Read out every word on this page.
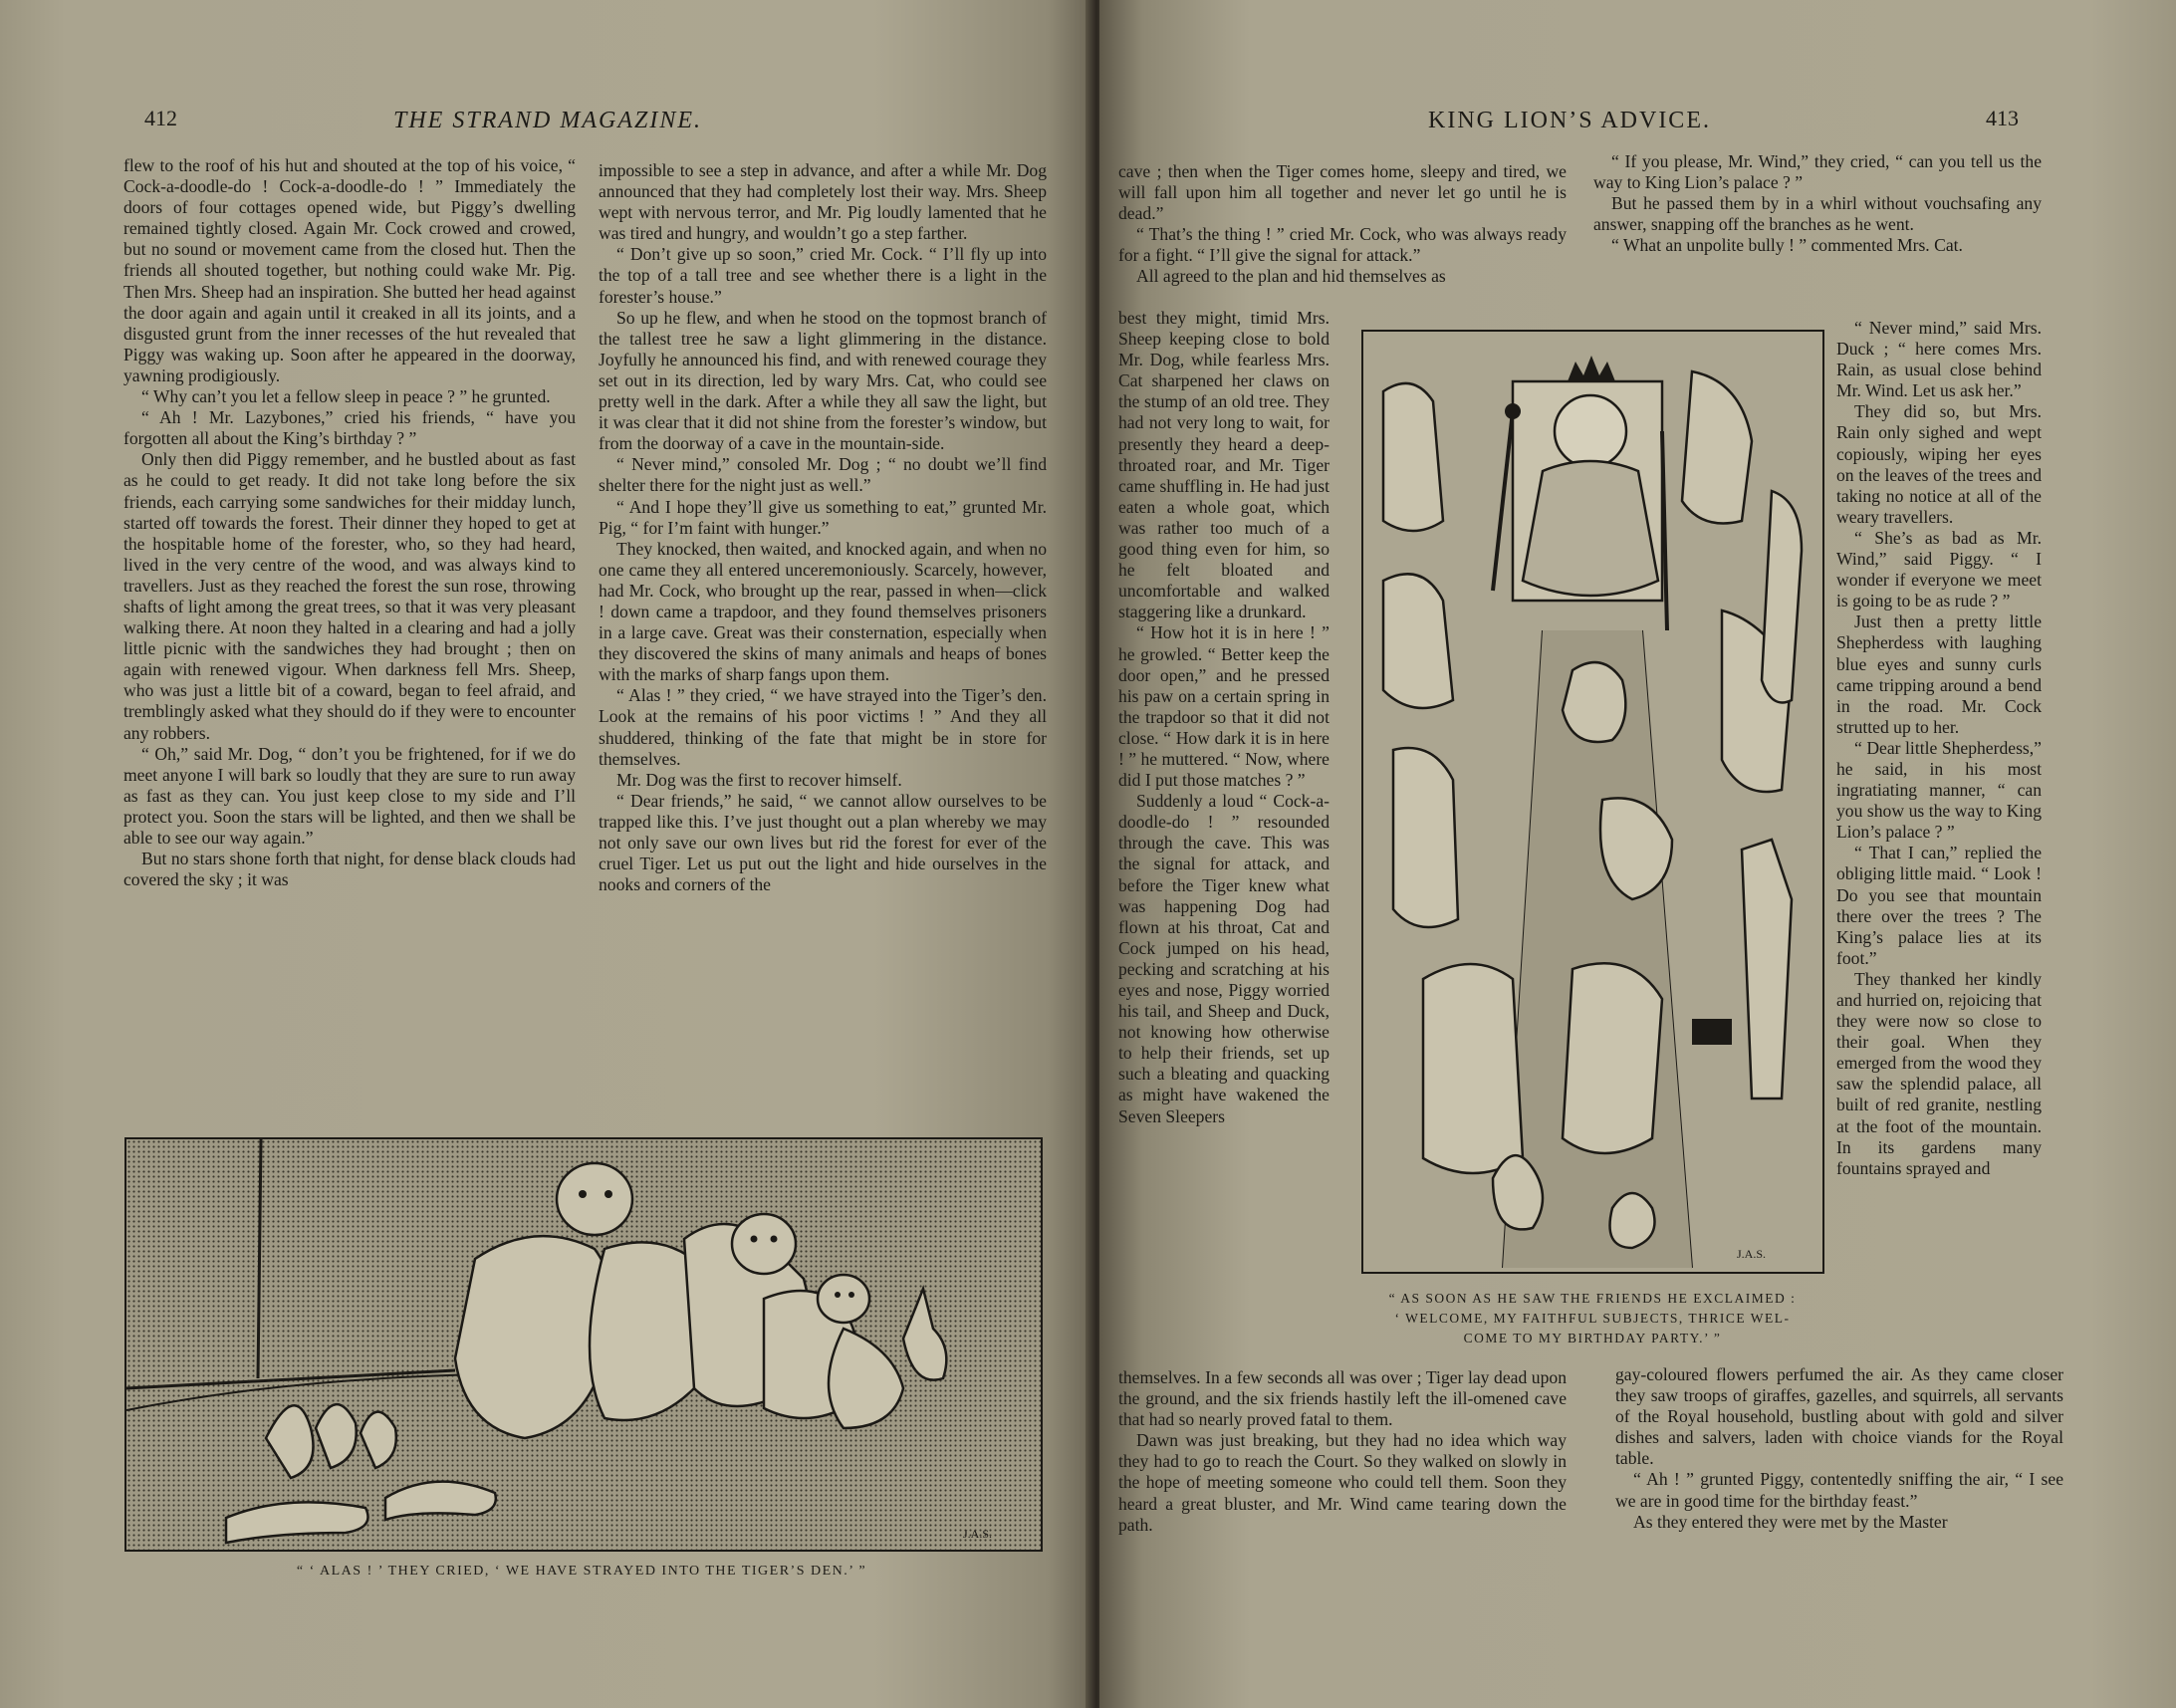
412	THE STRAND MAGAZINE.

flew to the roof of his hut and shouted at the top of his voice, “ Cock-a-doodle-do ! Cock-a-doodle-do ! ” Immediately the doors of four cottages opened wide, but Piggy’s dwelling remained tightly closed. Again Mr. Cock crowed and crowed, but no sound or movement came from the closed hut. Then the friends all shouted together, but nothing could wake Mr. Pig. Then Mrs. Sheep had an inspiration. She butted her head against the door again and again until it creaked in all its joints, and a disgusted grunt from the inner recesses of the hut revealed that Piggy was waking up. Soon after he appeared in the doorway, yawning prodigiously.

“ Why can’t you let a fellow sleep in peace ? ” he grunted.

“ Ah ! Mr. Lazybones,” cried his friends, “ have you forgotten all about the King’s birthday ? ”

Only then did Piggy remember, and he bustled about as fast as he could to get ready. It did not take long before the six friends, each carrying some sandwiches for their midday lunch, started off towards the forest. Their dinner they hoped to get at the hospitable home of the forester, who, so they had heard, lived in the very centre of the wood, and was always kind to travellers. Just as they reached the forest the sun rose, throwing shafts of light among the great trees, so that it was very pleasant walking there. At noon they halted in a clearing and had a jolly little picnic with the sandwiches they had brought ; then on again with renewed vigour. When darkness fell Mrs. Sheep, who was just a little bit of a coward, began to feel afraid, and tremblingly asked what they should do if they were to encounter any robbers.

“ Oh,” said Mr. Dog, “ don’t you be frightened, for if we do meet anyone I will bark so loudly that they are sure to run away as fast as they can. You just keep close to my side and I’ll protect you. Soon the stars will be lighted, and then we shall be able to see our way again.”

But no stars shone forth that night, for dense black clouds had covered the sky ; it was

impossible to see a step in advance, and after a while Mr. Dog announced that they had completely lost their way. Mrs. Sheep wept with nervous terror, and Mr. Pig loudly lamented that he was tired and hungry, and wouldn’t go a step farther.

“ Don’t give up so soon,” cried Mr. Cock. “ I’ll fly up into the top of a tall tree and see whether there is a light in the forester’s house.”

So up he flew, and when he stood on the topmost branch of the tallest tree he saw a light glimmering in the distance. Joyfully he announced his find, and with renewed courage they set out in its direction, led by wary Mrs. Cat, who could see pretty well in the dark. After a while they all saw the light, but it was clear that it did not shine from the forester’s window, but from the doorway of a cave in the mountain-side.

“ Never mind,” consoled Mr. Dog ; “ no doubt we’ll find shelter there for the night just as well.”

“ And I hope they’ll give us something to eat,” grunted Mr. Pig, “ for I’m faint with hunger.”

They knocked, then waited, and knocked again, and when no one came they all entered unceremoniously. Scarcely, however, had Mr. Cock, who brought up the rear, passed in when—click ! down came a trapdoor, and they found themselves prisoners in a large cave. Great was their consternation, especially when they discovered the skins of many animals and heaps of bones with the marks of sharp fangs upon them.

“ Alas ! ” they cried, “ we have strayed into the Tiger’s den. Look at the remains of his poor victims ! ” And they all shuddered, thinking of the fate that might be in store for themselves.

Mr. Dog was the first to recover himself.

“ Dear friends,” he said, “ we cannot allow ourselves to be trapped like this. I’ve just thought out a plan whereby we may not only save our own lives but rid the forest for ever of the cruel Tiger. Let us put out the light and hide ourselves in the nooks and corners of the

J.A.S.
“ ‘ ALAS ! ’ THEY CRIED, ‘ WE HAVE STRAYED INTO THE TIGER’S DEN.’ ”
KING LION’S ADVICE.	413

cave ; then when the Tiger comes home, sleepy and tired, we will fall upon him all together and never let go until he is dead.”

“ That’s the thing ! ” cried Mr. Cock, who was always ready for a fight. “ I’ll give the signal for attack.”

All agreed to the plan and hid themselves as

best they might, timid Mrs. Sheep keeping close to bold Mr. Dog, while fearless Mrs. Cat sharpened her claws on the stump of an old tree. They had not very long to wait, for presently they heard a deep-throated roar, and Mr. Tiger came shuffling in. He had just eaten a whole goat, which was rather too much of a good thing even for him, so he felt bloated and uncomfortable and walked staggering like a drunkard.

“ How hot it is in here ! ” he growled. “ Better keep the door open,” and he pressed his paw on a certain spring in the trapdoor so that it did not close. “ How dark it is in here ! ” he muttered. “ Now, where did I put those matches ? ”

Suddenly a loud “ Cock-a-doodle-do ! ” resounded through the cave. This was the signal for attack, and before the Tiger knew what was happening Dog had flown at his throat, Cat and Cock jumped on his head, pecking and scratching at his eyes and nose, Piggy worried his tail, and Sheep and Duck, not knowing how otherwise to help their friends, set up such a bleating and quacking as might have wakened the Seven Sleepers

themselves. In a few seconds all was over ; Tiger lay dead upon the ground, and the six friends hastily left the ill-omened cave that had so nearly proved fatal to them.

Dawn was just breaking, but they had no idea which way they had to go to reach the Court. So they walked on slowly in the hope of meeting someone who could tell them. Soon they heard a great bluster, and Mr. Wind came tearing down the path.

“ If you please, Mr. Wind,” they cried, “ can you tell us the way to King Lion’s palace ? ”

But he passed them by in a whirl without vouchsafing any answer, snapping off the branches as he went.

“ What an unpolite bully ! ” commented Mrs. Cat.

“ Never mind,” said Mrs. Duck ; “ here comes Mrs. Rain, as usual close behind Mr. Wind. Let us ask her.”

They did so, but Mrs. Rain only sighed and wept copiously, wiping her eyes on the leaves of the trees and taking no notice at all of the weary travellers.

“ She’s as bad as Mr. Wind,” said Piggy. “ I wonder if everyone we meet is going to be as rude ? ”

Just then a pretty little Shepherdess with laughing blue eyes and sunny curls came tripping around a bend in the road. Mr. Cock strutted up to her.

“ Dear little Shepherdess,” he said, in his most ingratiating manner, “ can you show us the way to King Lion’s palace ? ”

“ That I can,” replied the obliging little maid. “ Look ! Do you see that mountain there over the trees ? The King’s palace lies at its foot.”

They thanked her kindly and hurried on, rejoicing that they were now so close to their goal. When they emerged from the wood they saw the splendid palace, all built of red granite, nestling at the foot of the mountain. In its gardens many fountains sprayed and

gay-coloured flowers perfumed the air. As they came closer they saw troops of giraffes, gazelles, and squirrels, all servants of the Royal household, bustling about with gold and silver dishes and salvers, laden with choice viands for the Royal table.

“ Ah ! ” grunted Piggy, contentedly sniffing the air, “ I see we are in good time for the birthday feast.”

As they entered they were met by the Master

J.A.S.
“ AS SOON AS HE SAW THE FRIENDS HE EXCLAIMED :
‘ WELCOME, MY FAITHFUL SUBJECTS, THRICE WEL-
COME TO MY BIRTHDAY PARTY.’ ”
